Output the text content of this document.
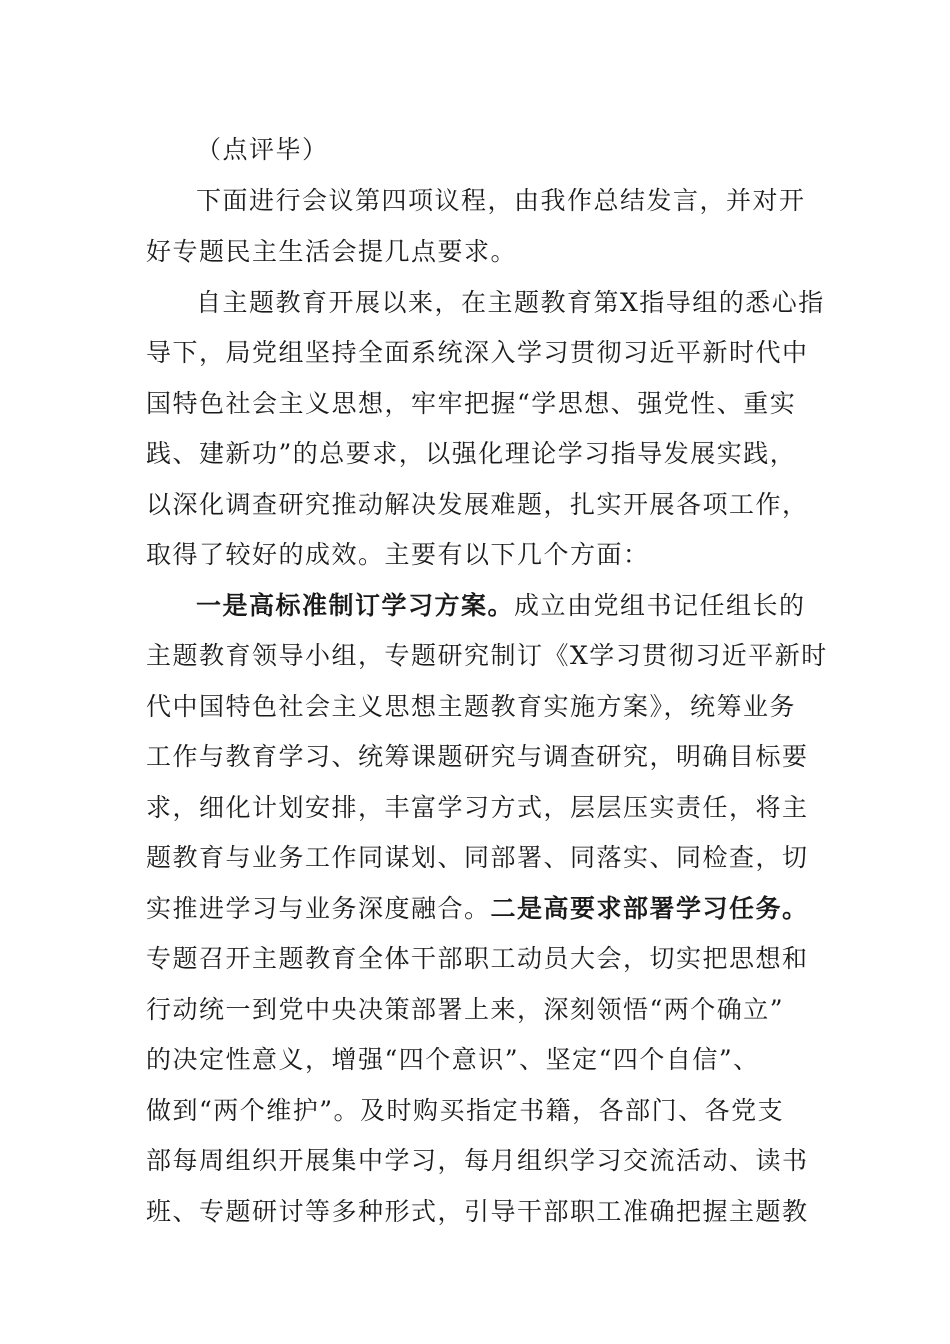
（点评毕）
下面进行会议第四项议程，由我作总结发言，并对开
好专题民主生活会提几点要求。
自主题教育开展以来，在主题教育第X指导组的悉心指
导下，局党组坚持全面系统深入学习贯彻习近平新时代中
国特色社会主义思想，牢牢把握“学思想、强党性、重实
践、建新功”的总要求，以强化理论学习指导发展实践，
以深化调查研究推动解决发展难题，扎实开展各项工作，
取得了较好的成效。主要有以下几个方面：
一是高标准制订学习方案。成立由党组书记任组长的
主题教育领导小组，专题研究制订《X学习贯彻习近平新时
代中国特色社会主义思想主题教育实施方案》，统筹业务
工作与教育学习、统筹课题研究与调查研究，明确目标要
求，细化计划安排，丰富学习方式，层层压实责任，将主
题教育与业务工作同谋划、同部署、同落实、同检查，切
实推进学习与业务深度融合。二是高要求部署学习任务。
专题召开主题教育全体干部职工动员大会，切实把思想和
行动统一到党中央决策部署上来，深刻领悟“两个确立”
的决定性意义，增强“四个意识”、坚定“四个自信”、
做到“两个维护”。及时购买指定书籍，各部门、各党支
部每周组织开展集中学习，每月组织学习交流活动、读书
班、专题研讨等多种形式，引导干部职工准确把握主题教
